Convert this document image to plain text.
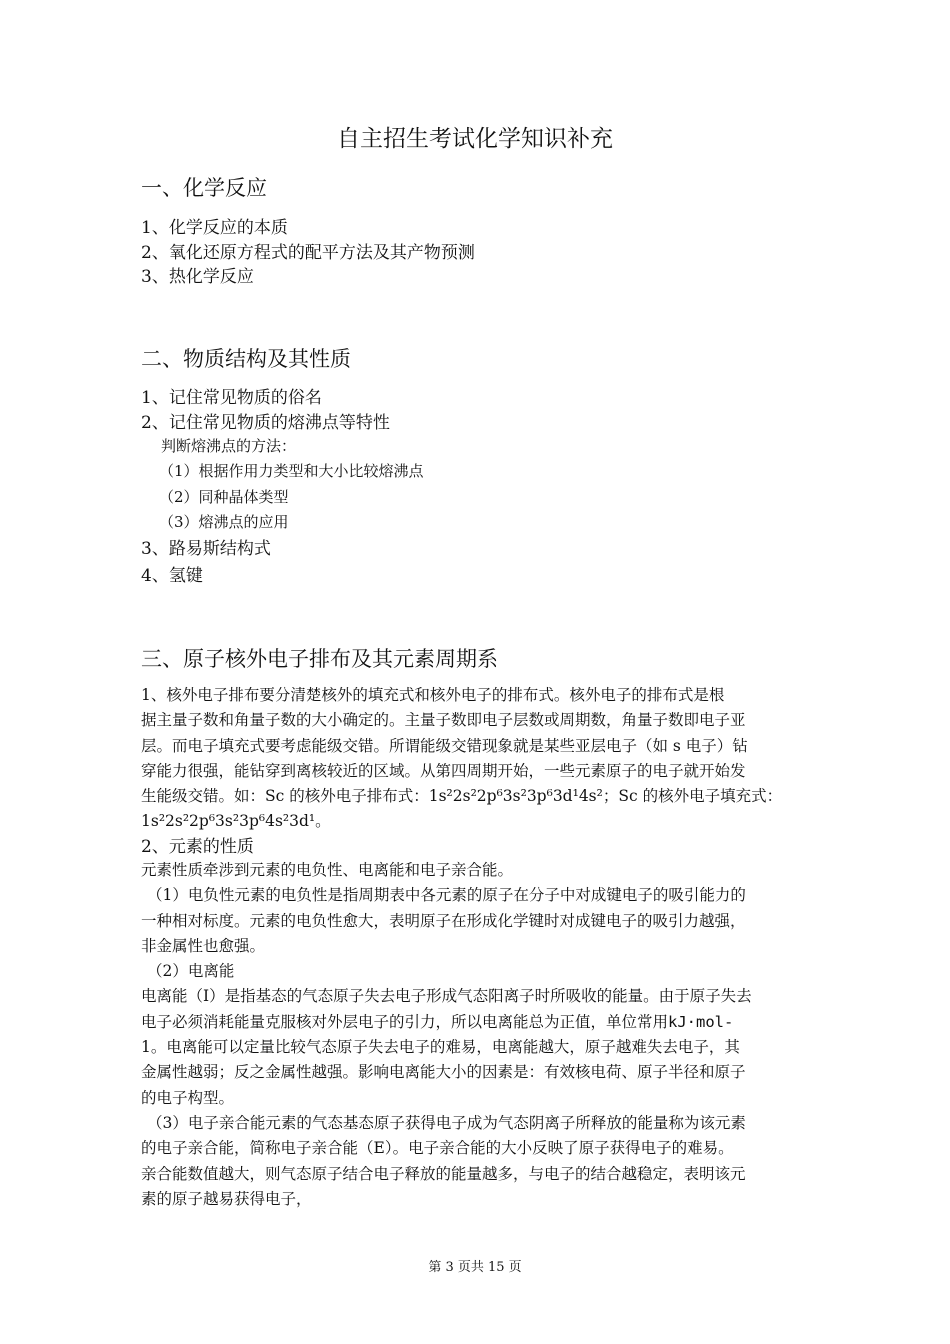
自主招生考试化学知识补充
一、化学反应
1、化学反应的本质
2、氧化还原方程式的配平方法及其产物预测
3、热化学反应
二、物质结构及其性质
1、记住常见物质的俗名
2、记住常见物质的熔沸点等特性
判断熔沸点的方法：
（1）根据作用力类型和大小比较熔沸点
（2）同种晶体类型
（3）熔沸点的应用
3、路易斯结构式
4、氢键
三、原子核外电子排布及其元素周期系
1、核外电子排布要分清楚核外的填充式和核外电子的排布式。核外电子的排布式是根
据主量子数和角量子数的大小确定的。主量子数即电子层数或周期数，角量子数即电子亚
层。而电子填充式要考虑能级交错。所谓能级交错现象就是某些亚层电子（如 s 电子）钻
穿能力很强，能钻穿到离核较近的区域。从第四周期开始，一些元素原子的电子就开始发
生能级交错。如：Sc 的核外电子排布式：1s²2s²2p⁶3s²3p⁶3d¹4s²；Sc 的核外电子填充式：
1s²2s²2p⁶3s²3p⁶4s²3d¹。
2、元素的性质
元素性质牵涉到元素的电负性、电离能和电子亲合能。
（1）电负性元素的电负性是指周期表中各元素的原子在分子中对成键电子的吸引能力的
一种相对标度。元素的电负性愈大，表明原子在形成化学键时对成键电子的吸引力越强，
非金属性也愈强。
（2）电离能
电离能（I）是指基态的气态原子失去电子形成气态阳离子时所吸收的能量。由于原子失去
电子必须消耗能量克服核对外层电子的引力，所以电离能总为正值，单位常用kJ·mol-
1。电离能可以定量比较气态原子失去电子的难易，电离能越大，原子越难失去电子，其
金属性越弱；反之金属性越强。影响电离能大小的因素是：有效核电荷、原子半径和原子
的电子构型。
（3）电子亲合能元素的气态基态原子获得电子成为气态阴离子所释放的能量称为该元素
的电子亲合能，简称电子亲合能（E）。电子亲合能的大小反映了原子获得电子的难易。
亲合能数值越大，则气态原子结合电子释放的能量越多，与电子的结合越稳定，表明该元
素的原子越易获得电子，
第 3 页共 15 页
